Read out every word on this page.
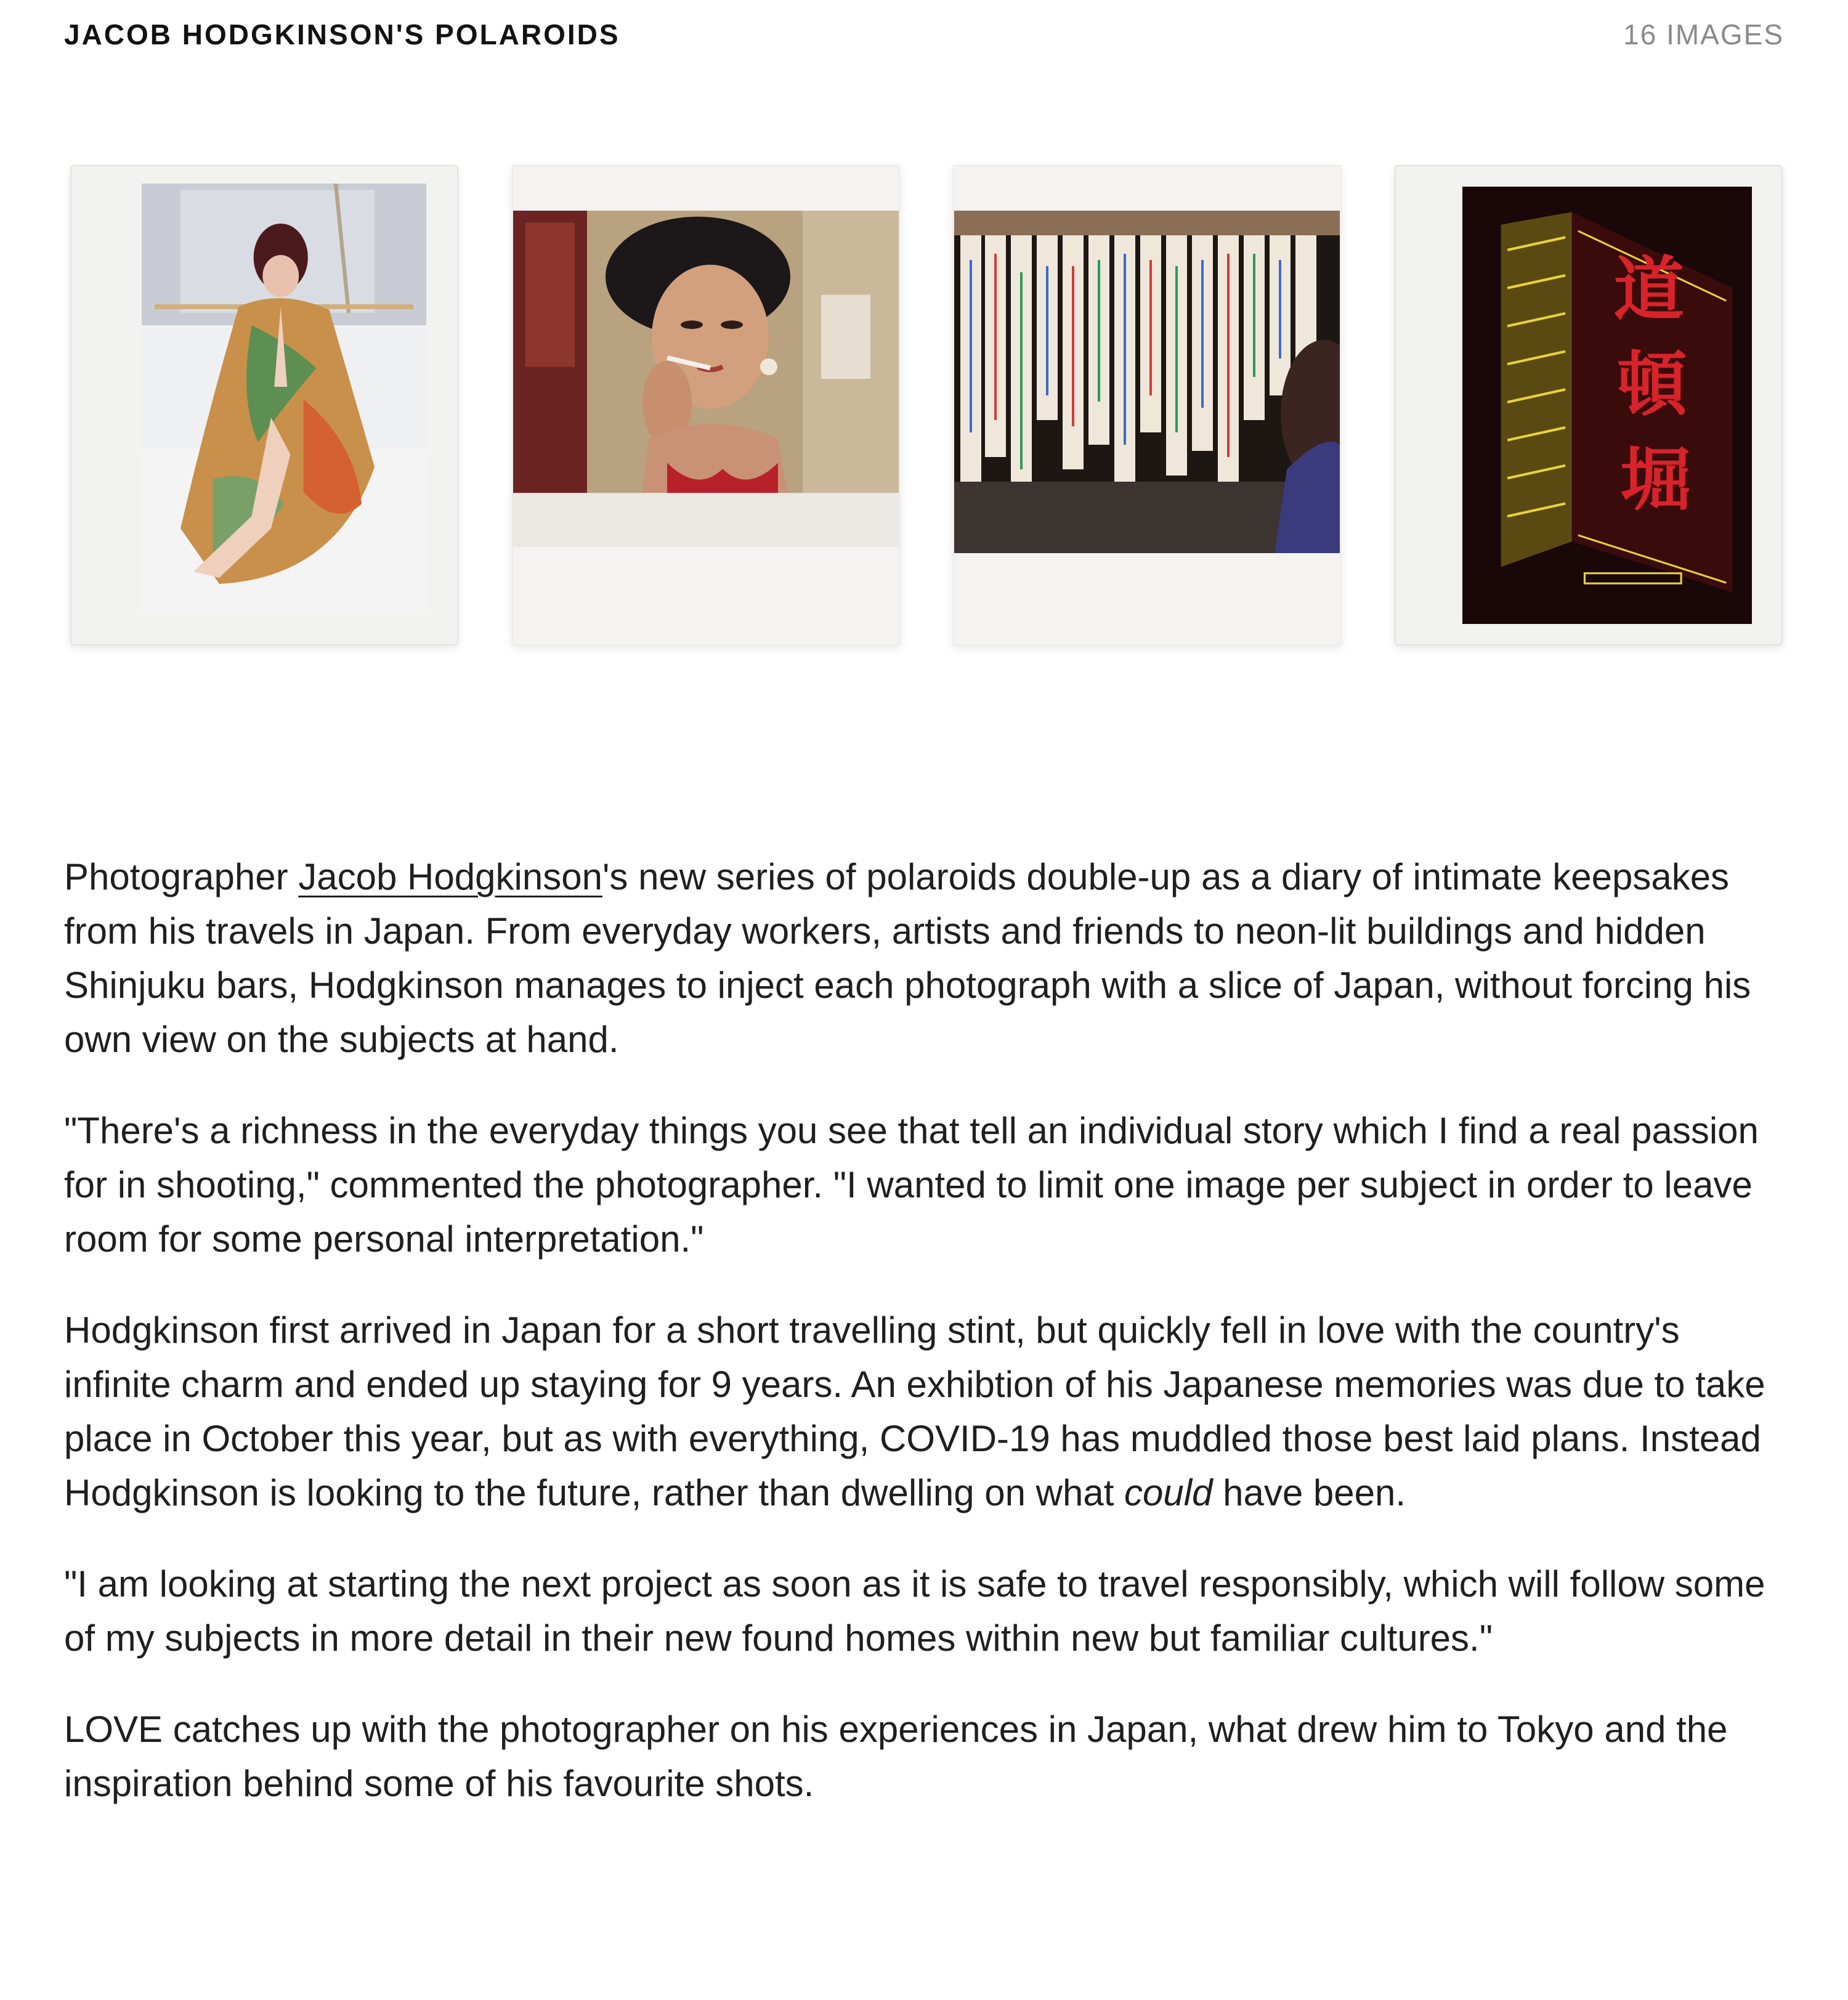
JACOB HODGKINSON'S POLAROIDS	16 IMAGES
道
頓
堀

Photographer Jacob Hodgkinson's new series of polaroids double-up as a diary of intimate keepsakes from his travels in Japan. From everyday workers, artists and friends to neon-lit buildings and hidden Shinjuku bars, Hodgkinson manages to inject each photograph with a slice of Japan, without forcing his own view on the subjects at hand.

"There's a richness in the everyday things you see that tell an individual story which I find a real passion for in shooting," commented the photographer. "I wanted to limit one image per subject in order to leave room for some personal interpretation."

Hodgkinson first arrived in Japan for a short travelling stint, but quickly fell in love with the country's infinite charm and ended up staying for 9 years. An exhibtion of his Japanese memories was due to take place in October this year, but as with everything, COVID-19 has muddled those best laid plans. Instead Hodgkinson is looking to the future, rather than dwelling on what could have been.

"I am looking at starting the next project as soon as it is safe to travel responsibly, which will follow some of my subjects in more detail in their new found homes within new but familiar cultures."

LOVE catches up with the photographer on his experiences in Japan, what drew him to Tokyo and the inspiration behind some of his favourite shots.
